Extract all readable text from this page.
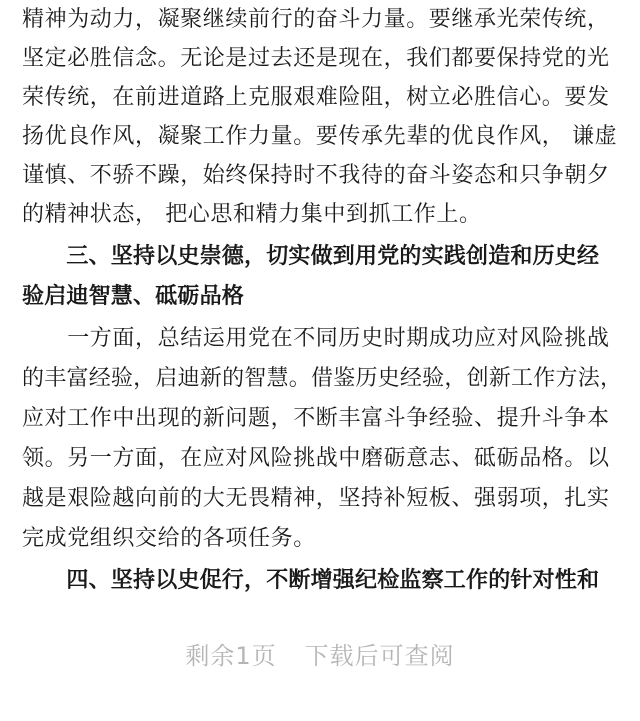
精神为动力，凝聚继续前行的奋斗力量。要继承光荣传统，
坚定必胜信念。无论是过去还是现在，我们都要保持党的光
荣传统，在前进道路上克服艰难险阻，树立必胜信心。要发
扬优良作风，凝聚工作力量。要传承先辈的优良作风， 谦虚
谨慎、不骄不躁，始终保持时不我待的奋斗姿态和只争朝夕
的精神状态， 把心思和精力集中到抓工作上。
　　三、坚持以史崇德，切实做到用党的实践创造和历史经
验启迪智慧、砥砺品格
　　一方面，总结运用党在不同历史时期成功应对风险挑战
的丰富经验，启迪新的智慧。借鉴历史经验，创新工作方法，
应对工作中出现的新问题，不断丰富斗争经验、提升斗争本
领。另一方面，在应对风险挑战中磨砺意志、砥砺品格。以
越是艰险越向前的大无畏精神，坚持补短板、强弱项，扎实
完成党组织交给的各项任务。
　　四、坚持以史促行，不断增强纪检监察工作的针对性和
剩余1页 下载后可查阅
